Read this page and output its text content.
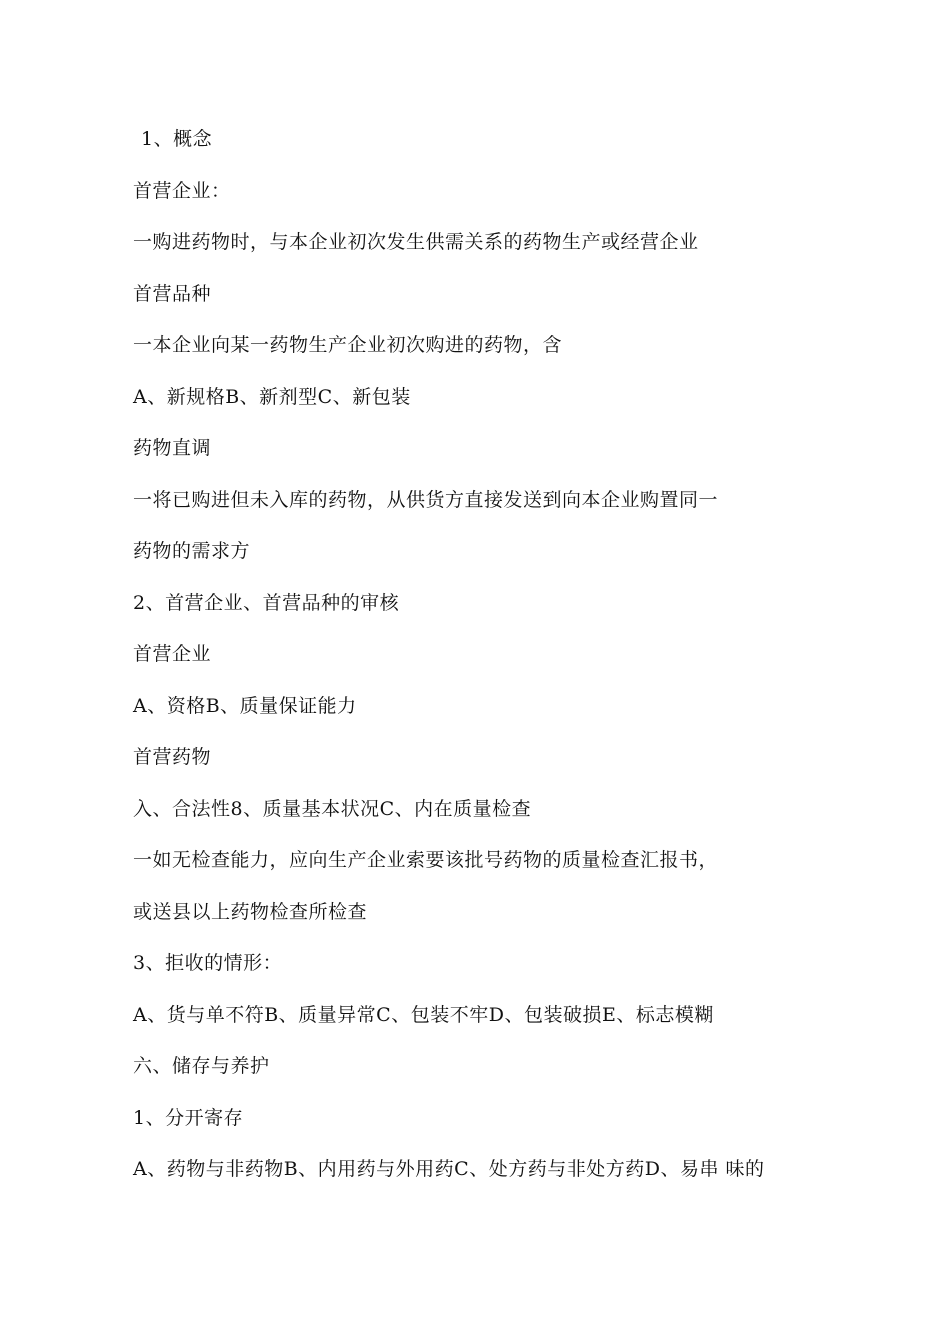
1、概念
首营企业：
一购进药物时，与本企业初次发生供需关系的药物生产或经营企业
首营品种
一本企业向某一药物生产企业初次购进的药物，含
A、新规格B、新剂型C、新包装
药物直调
一将已购进但未入库的药物，从供货方直接发送到向本企业购置同一
药物的需求方
2、首营企业、首营品种的审核
首营企业
A、资格B、质量保证能力
首营药物
入、合法性8、质量基本状况C、内在质量检查
一如无检查能力，应向生产企业索要该批号药物的质量检查汇报书，
或送县以上药物检查所检查
3、拒收的情形：
A、货与单不符B、质量异常C、包装不牢D、包装破损E、标志模糊
六、储存与养护
1、分开寄存
A、药物与非药物B、内用药与外用药C、处方药与非处方药D、易串 味的
